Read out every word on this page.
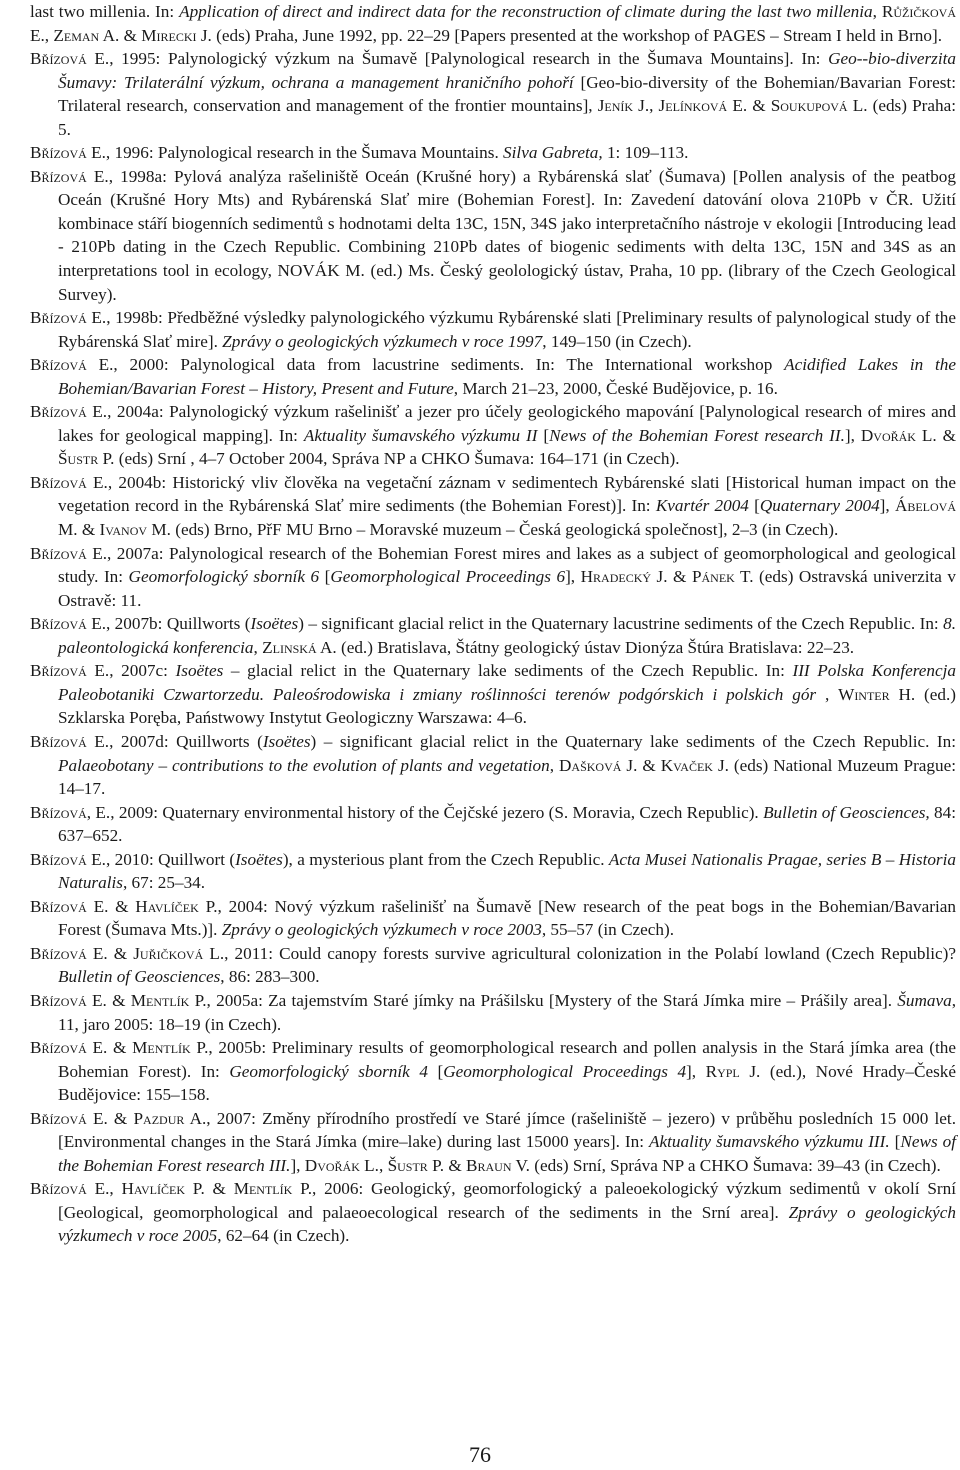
last two millenia. In: Application of direct and indirect data for the reconstruction of climate during the last two millenia, Růžičková E., Zeman A. & Mirecki J. (eds) Praha, June 1992, pp. 22–29 [Papers presented at the workshop of PAGES – Stream I held in Brno].

Břízová E., 1995: Palynologický výzkum na Šumavě [Palynological research in the Šumava Mountains]. In: Geo--bio-diverzita Šumavy: Trilaterální výzkum, ochrana a management hraničního pohoří [Geo-bio-diversity of the Bohemian/Bavarian Forest: Trilateral research, conservation and management of the frontier mountains], Jeník J., Jelínková E. & Soukupová L. (eds) Praha: 5.

Břízová E., 1996: Palynological research in the Šumava Mountains. Silva Gabreta, 1: 109–113.

Břízová E., 1998a: Pylová analýza rašeliniště Oceán (Krušné hory) a Rybárenská slať (Šumava) [Pollen analysis of the peatbog Oceán (Krušné Hory Mts) and Rybárenská Slať mire (Bohemian Forest]. In: Zavedení datování olova 210Pb v ČR. Užití kombinace stáří biogenních sedimentů s hodnotami delta 13C, 15N, 34S jako interpretačního nástroje v ekologii [Introducing lead - 210Pb dating in the Czech Republic. Combining 210Pb dates of biogenic sediments with delta 13C, 15N and 34S as an interpretations tool in ecology, NOVÁK M. (ed.) Ms. Český geolologický ústav, Praha, 10 pp. (library of the Czech Geological Survey).

Břízová E., 1998b: Předběžné výsledky palynologického výzkumu Rybárenské slati [Preliminary results of palynological study of the Rybárenská Slať mire]. Zprávy o geologických výzkumech v roce 1997, 149–150 (in Czech).

Břízová E., 2000: Palynological data from lacustrine sediments. In: The International workshop Acidified Lakes in the Bohemian/Bavarian Forest – History, Present and Future, March 21–23, 2000, České Budějovice, p. 16.

Břízová E., 2004a: Palynologický výzkum rašelinišť a jezer pro účely geologického mapování [Palynological research of mires and lakes for geological mapping]. In: Aktuality šumavského výzkumu II [News of the Bohemian Forest research II.], Dvořák L. & Šustr P. (eds) Srní , 4–7 October 2004, Správa NP a CHKO Šumava: 164–171 (in Czech).

Břízová E., 2004b: Historický vliv člověka na vegetační záznam v sedimentech Rybárenské slati [Historical human impact on the vegetation record in the Rybárenská Slať mire sediments (the Bohemian Forest)]. In: Kvartér 2004 [Quaternary 2004], Ábelová M. & Ivanov M. (eds) Brno, PřF MU Brno – Moravské muzeum – Česká geologická společnost], 2–3 (in Czech).

Břízová E., 2007a: Palynological research of the Bohemian Forest mires and lakes as a subject of geomorphological and geological study. In: Geomorfologický sborník 6 [Geomorphological Proceedings 6], Hradecký J. & Pánek T. (eds) Ostravská univerzita v Ostravě: 11.

Břízová E., 2007b: Quillworts (Isoëtes) – significant glacial relict in the Quaternary lacustrine sediments of the Czech Republic. In: 8. paleontologická konferencia, Zlinská A. (ed.) Bratislava, Štátny geologický ústav Dionýza Štúra Bratislava: 22–23.

Břízová E., 2007c: Isoëtes – glacial relict in the Quaternary lake sediments of the Czech Republic. In: III Polska Konferencja Paleobotaniki Czwartorzedu. Paleośrodowiska i zmiany roślinności terenów podgórskich i polskich gór , Winter H. (ed.) Szklarska Poręba, Państwowy Instytut Geologiczny Warszawa: 4–6.

Břízová E., 2007d: Quillworts (Isoëtes) – significant glacial relict in the Quaternary lake sediments of the Czech Republic. In: Palaeobotany – contributions to the evolution of plants and vegetation, Dašková J. & Kvaček J. (eds) National Muzeum Prague: 14–17.

Břízová, E., 2009: Quaternary environmental history of the Čejčské jezero (S. Moravia, Czech Republic). Bulletin of Geosciences, 84: 637–652.

Břízová E., 2010: Quillwort (Isoëtes), a mysterious plant from the Czech Republic. Acta Musei Nationalis Pragae, series B – Historia Naturalis, 67: 25–34.

Břízová E. & Havlíček P., 2004: Nový výzkum rašelinišť na Šumavě [New research of the peat bogs in the Bohemian/Bavarian Forest (Šumava Mts.)]. Zprávy o geologických výzkumech v roce 2003, 55–57 (in Czech).

Břízová E. & Juřičková L., 2011: Could canopy forests survive agricultural colonization in the Polabí lowland (Czech Republic)? Bulletin of Geosciences, 86: 283–300.

Břízová E. & Mentlík P., 2005a: Za tajemstvím Staré jímky na Prášilsku [Mystery of the Stará Jímka mire – Prášily area]. Šumava, 11, jaro 2005: 18–19 (in Czech).

Břízová E. & Mentlík P., 2005b: Preliminary results of geomorphological research and pollen analysis in the Stará jímka area (the Bohemian Forest). In: Geomorfologický sborník 4 [Geomorphological Proceedings 4], Rypl J. (ed.), Nové Hrady–České Budějovice: 155–158.

Břízová E. & Pazdur A., 2007: Změny přírodního prostředí ve Staré jímce (rašeliniště – jezero) v průběhu posledních 15 000 let. [Environmental changes in the Stará Jímka (mire–lake) during last 15000 years]. In: Aktuality šumavského výzkumu III. [News of the Bohemian Forest research III.], Dvořák L., Šustr P. & Braun V. (eds) Srní, Správa NP a CHKO Šumava: 39–43 (in Czech).

Břízová E., Havlíček P. & Mentlík P., 2006: Geologický, geomorfologický a paleoekologický výzkum sedimentů v okolí Srní [Geological, geomorphological and palaeoecological research of the sediments in the Srní area]. Zprávy o geologických výzkumech v roce 2005, 62–64 (in Czech).

76
